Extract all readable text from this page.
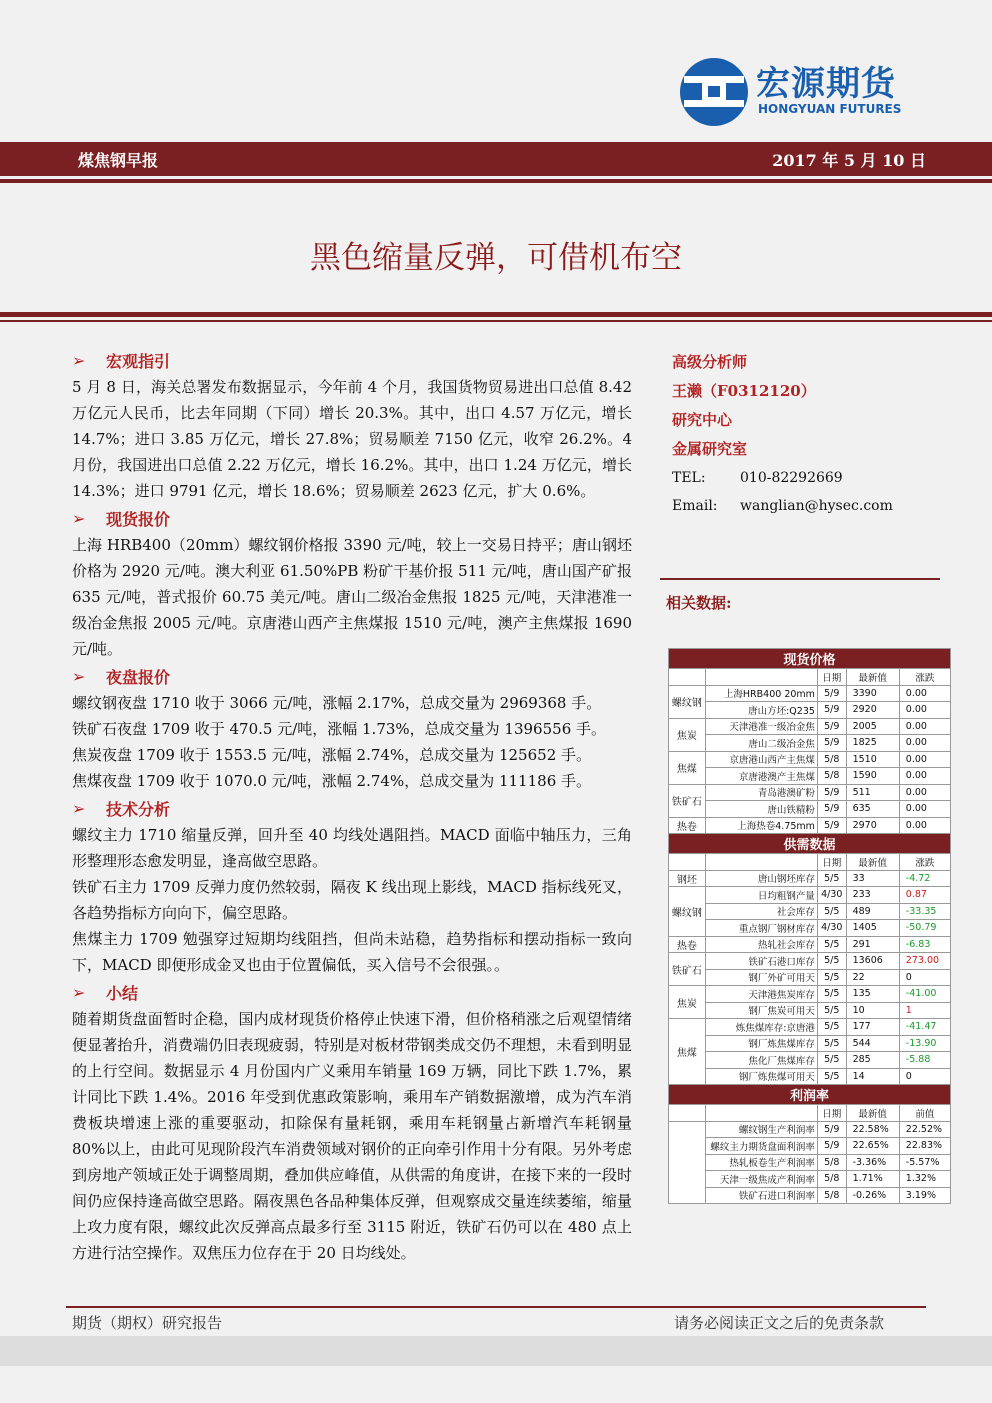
宏源期货
HONGYUAN FUTURES
煤焦钢早报	2017 年 5 月 10 日
黑色缩量反弹，可借机布空
➢	宏观指引
5 月 8 日，海关总署发布数据显示，今年前 4 个月，我国货物贸易进出口总值 8.42 万亿元人民币，比去年同期（下同）增长 20.3%。其中，出口 4.57 万亿元，增长 14.7%；进口 3.85 万亿元，增长 27.8%；贸易顺差 7150 亿元，收窄 26.2%。4 月份，我国进出口总值 2.22 万亿元，增长 16.2%。其中，出口 1.24 万亿元，增长 14.3%；进口 9791 亿元，增长 18.6%；贸易顺差 2623 亿元，扩大 0.6%。
➢	现货报价
上海 HRB400（20mm）螺纹钢价格报 3390 元/吨，较上一交易日持平；唐山钢坯价格为 2920 元/吨。澳大利亚 61.50%PB 粉矿干基价报 511 元/吨，唐山国产矿报 635 元/吨，普式报价 60.75 美元/吨。唐山二级冶金焦报 1825 元/吨，天津港准一级冶金焦报 2005 元/吨。京唐港山西产主焦煤报 1510 元/吨，澳产主焦煤报 1690 元/吨。
➢	夜盘报价
螺纹钢夜盘 1710 收于 3066 元/吨，涨幅 2.17%，总成交量为 2969368 手。
铁矿石夜盘 1709 收于 470.5 元/吨，涨幅 1.73%，总成交量为 1396556 手。
焦炭夜盘 1709 收于 1553.5 元/吨，涨幅 2.74%，总成交量为 125652 手。
焦煤夜盘 1709 收于 1070.0 元/吨，涨幅 2.74%，总成交量为 111186 手。
➢	技术分析
螺纹主力 1710 缩量反弹，回升至 40 均线处遇阻挡。MACD 面临中轴压力，三角形整理形态愈发明显，逢高做空思路。
铁矿石主力 1709 反弹力度仍然较弱，隔夜 K 线出现上影线，MACD 指标线死叉，各趋势指标方向向下，偏空思路。
焦煤主力 1709 勉强穿过短期均线阻挡，但尚未站稳，趋势指标和摆动指标一致向下，MACD 即便形成金叉也由于位置偏低，买入信号不会很强。。
➢	小结
随着期货盘面暂时企稳，国内成材现货价格停止快速下滑，但价格稍涨之后观望情绪便显著抬升，消费端仍旧表现疲弱，特别是对板材带钢类成交仍不理想，未看到明显的上行空间。数据显示 4 月份国内广义乘用车销量 169 万辆，同比下跌 1.7%，累计同比下跌 1.4%。2016 年受到优惠政策影响，乘用车产销数据激增，成为汽车消费板块增速上涨的重要驱动，扣除保有量耗钢，乘用车耗钢量占新增汽车耗钢量 80%以上，由此可见现阶段汽车消费领域对钢价的正向牵引作用十分有限。另外考虑到房地产领域正处于调整周期，叠加供应峰值，从供需的角度讲，在接下来的一段时间仍应保持逢高做空思路。隔夜黑色各品种集体反弹，但观察成交量连续萎缩，缩量上攻力度有限，螺纹此次反弹高点最多行至 3115 附近，铁矿石仍可以在 480 点上方进行沽空操作。双焦压力位存在于 20 日均线处。
高级分析师
王濑（F0312120）
研究中心
金属研究室
TEL:	010-82292669
Email:	wanglian@hysec.com
相关数据:
现货价格				
		日期	最新值	涨跌
螺纹钢	上海HRB400 20mm	5/9	3390	0.00
	唐山方坯:Q235	5/9	2920	0.00
焦炭	天津港准一级冶金焦	5/9	2005	0.00
	唐山二级冶金焦	5/9	1825	0.00
焦煤	京唐港山西产主焦煤	5/8	1510	0.00
	京唐港澳产主焦煤	5/8	1590	0.00
铁矿石	青岛港澳矿粉	5/9	511	0.00
	唐山铁精粉	5/9	635	0.00
热卷	上海热卷4.75mm	5/9	2970	0.00
供需数据				
		日期	最新值	涨跌
钢坯	唐山钢坯库存	5/5	33	-4.72
螺纹钢	日均粗钢产量	4/30	233	0.87
	社会库存	5/5	489	-33.35
	重点钢厂钢材库存	4/30	1405	-50.79
热卷	热轧社会库存	5/5	291	-6.83
铁矿石	铁矿石港口库存	5/5	13606	273.00
	钢厂外矿可用天	5/5	22	0
焦炭	天津港焦炭库存	5/5	135	-41.00
	钢厂焦炭可用天	5/5	10	1
焦煤	炼焦煤库存:京唐港	5/5	177	-41.47
	钢厂炼焦煤库存	5/5	544	-13.90
	焦化厂焦煤库存	5/5	285	-5.88
	钢厂炼焦煤可用天	5/5	14	0
利润率				
		日期	最新值	前值
	螺纹钢生产利润率	5/9	22.58%	22.52%
	螺纹主力期货盘面利润率	5/9	22.65%	22.83%
	热轧板卷生产利润率	5/8	-3.36%	-5.57%
	天津一级焦成产利润率	5/8	1.71%	1.32%
	铁矿石进口利润率	5/8	-0.26%	3.19%
期货（期权）研究报告	请务必阅读正文之后的免责条款
